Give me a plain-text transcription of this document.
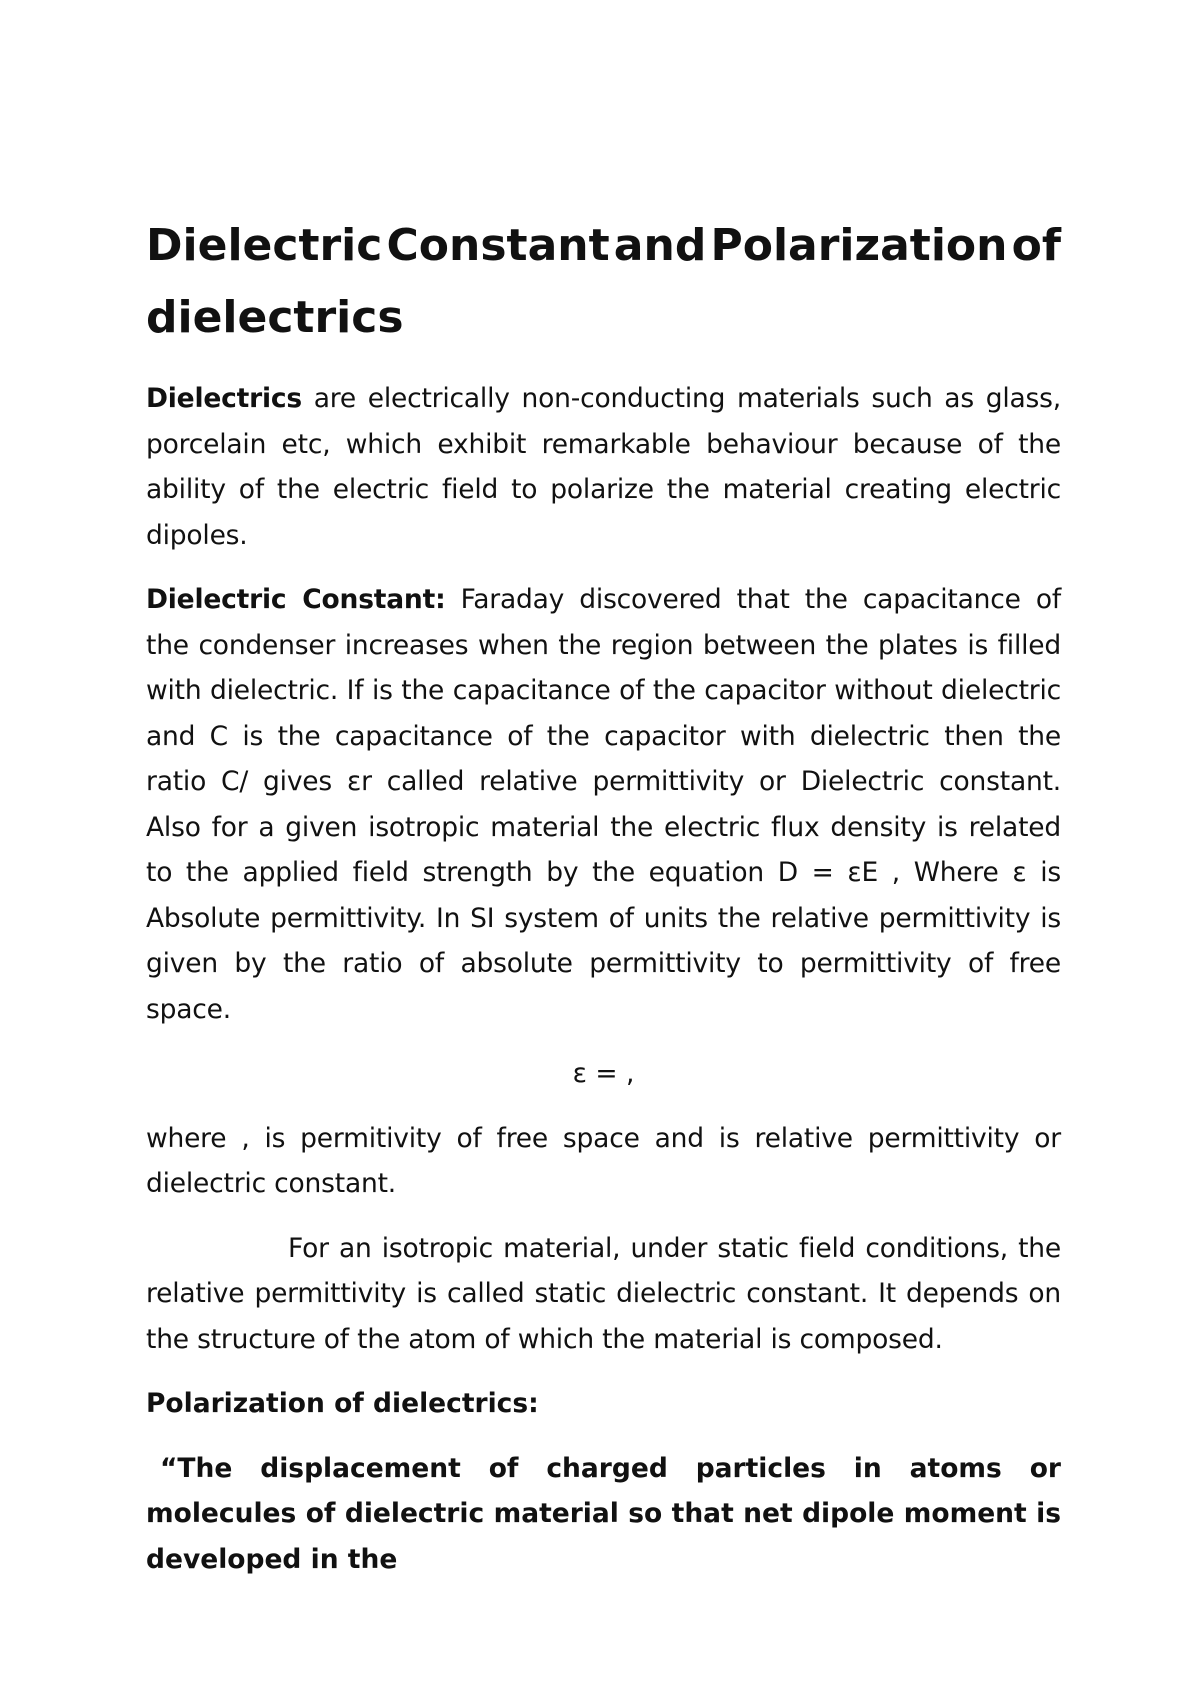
Dielectric Constant and Polarization of
dielectrics

Dielectrics are electrically non-conducting materials such as glass, porcelain etc, which exhibit remarkable behaviour because of the ability of the electric field to polarize the material creating electric dipoles.

Dielectric Constant: Faraday discovered that the capacitance of the condenser increases when the region between the plates is filled with dielectric. If is the capacitance of the capacitor without dielectric and C is the capacitance of the capacitor with dielectric then the ratio C/ gives εr called relative permittivity or Dielectric constant. Also for a given isotropic material the electric flux density is related to the applied field strength by the equation D = εE , Where ε is Absolute permittivity. In SI system of units the relative permittivity is given by the ratio of absolute permittivity to permittivity of free space.

ε = ,

where , is permitivity of free space and is relative permittivity or dielectric constant.

For an isotropic material, under static field conditions, the relative permittivity is called static dielectric constant. It depends on the structure of the atom of which the material is composed.

Polarization of dielectrics:

“The displacement of charged particles in atoms or molecules of dielectric material so that net dipole moment is developed in the
